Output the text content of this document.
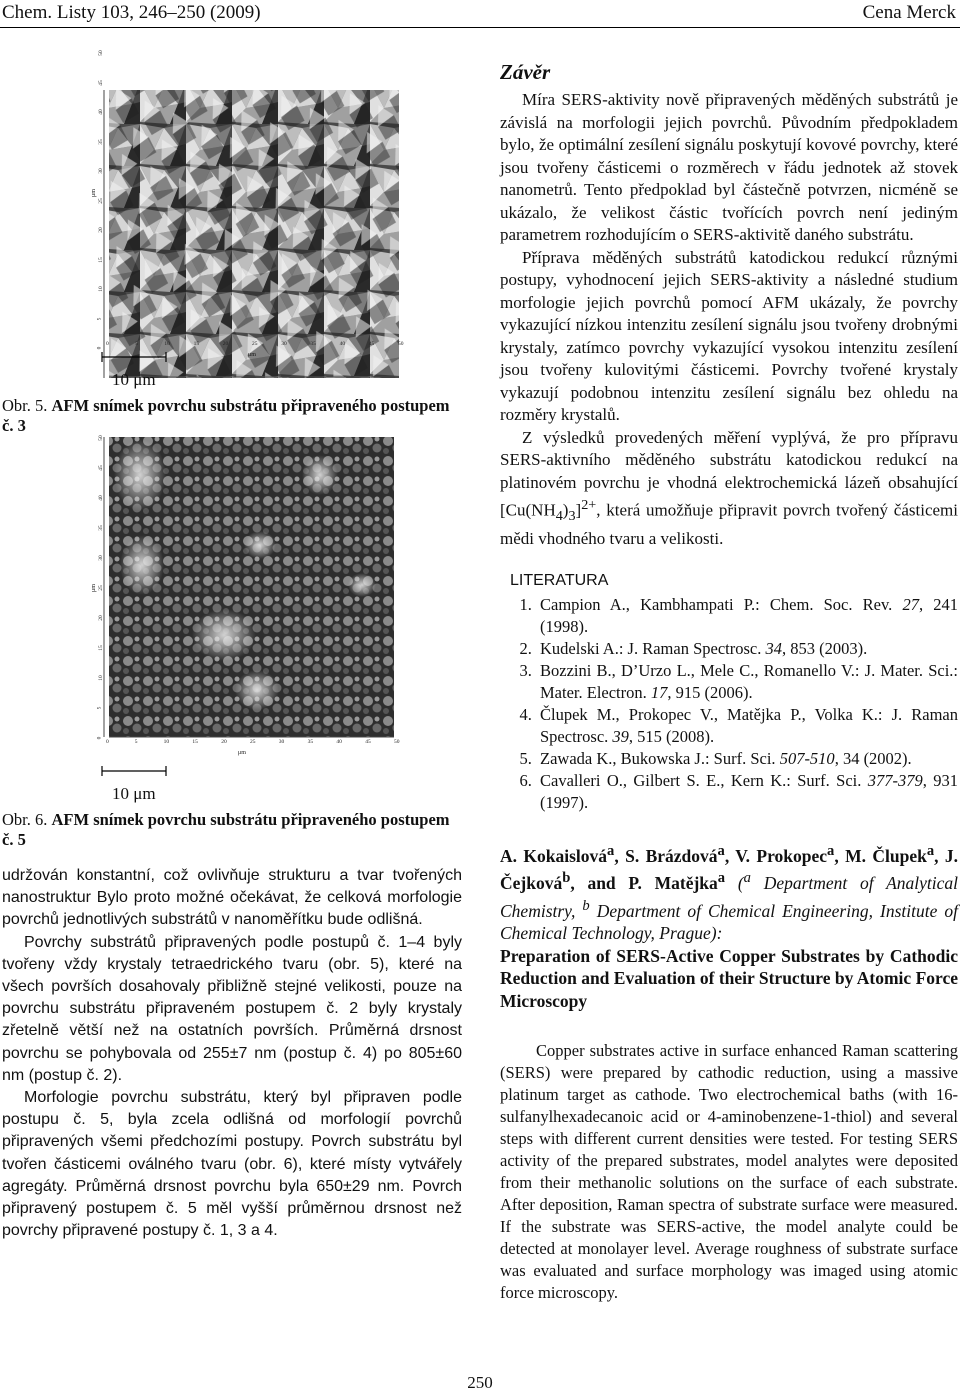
Chem. Listy 103, 246–250 (2009)	Cena Merck
0
5
10
15
20
25
30
35
40
45
50
0	5	10	15	20	25	30	35	40	45	50
μm
μm
10 μm
Obr. 5. AFM snímek povrchu substrátu připraveného postupem č. 3
0
5
10
15
20
25
30
35
40
45
50
0	5	10	15	20	25	30	35	40	45	50
μm
μm
10 μm
Obr. 6. AFM snímek povrchu substrátu připraveného postupem č. 5

udržován konstantní, což ovlivňuje strukturu a tvar tvořených nanostruktur Bylo proto možné očekávat, že celková morfologie povrchů jednotlivých substrátů v nanoměřítku bude odlišná.

Povrchy substrátů připravených podle postupů č. 1–4 byly tvořeny vždy krystaly tetraedrického tvaru (obr. 5), které na všech površích dosahovaly přibližně stejné velikosti, pouze na povrchu substrátu připraveném postupem č. 2 byly krystaly zřetelně větší než na ostatních površích. Průměrná drsnost povrchu se pohybovala od 255±7 nm (postup č. 4) po 805±60 nm (postup č. 2).

Morfologie povrchu substrátu, který byl připraven podle postupu č. 5, byla zcela odlišná od morfologií povrchů připravených všemi předchozími postupy. Povrch substrátu byl tvořen částicemi oválného tvaru (obr. 6), které místy vytvářely agregáty. Průměrná drsnost povrchu byla 650±29 nm. Povrch připravený postupem č. 5 měl vyšší průměrnou drsnost než povrchy připravené postupy č. 1, 3 a 4.

Závěr

Míra SERS-aktivity nově připravených měděných substrátů je závislá na morfologii jejich povrchů. Původním předpokladem bylo, že optimální zesílení signálu poskytují kovové povrchy, které jsou tvořeny částicemi o rozměrech v řádu jednotek až stovek nanometrů. Tento předpoklad byl částečně potvrzen, nicméně se ukázalo, že velikost částic tvořících povrch není jediným parametrem rozhodujícím o SERS-aktivitě daného substrátu.

Příprava měděných substrátů katodickou redukcí různými postupy, vyhodnocení jejich SERS-aktivity a následné studium morfologie jejich povrchů pomocí AFM ukázaly, že povrchy vykazující nízkou intenzitu zesílení signálu jsou tvořeny drobnými krystaly, zatímco povrchy vykazující vysokou intenzitu zesílení jsou tvořeny kulovitými částicemi. Povrchy tvořené krystaly vykazují podobnou intenzitu zesílení signálu bez ohledu na rozměry krystalů.

Z výsledků provedených měření vyplývá, že pro přípravu SERS-aktivního měděného substrátu katodickou redukcí na platinovém povrchu je vhodná elektrochemická lázeň obsahující $[Cu(NH_4)_3]^{2+}$, která umožňuje připravit povrch tvořený částicemi mědi vhodného tvaru a velikosti.

LITERATURA
1. Campion A., Kambhampati P.: Chem. Soc. Rev. 27, 241 (1998).
2. Kudelski A.: J. Raman Spectrosc. 34, 853 (2003).
3. Bozzini B., D’Urzo L., Mele C., Romanello V.: J. Mater. Sci.: Mater. Electron. 17, 915 (2006).
4. Člupek M., Prokopec V., Matějka P., Volka K.: J. Raman Spectrosc. 39, 515 (2008).
5. Zawada K., Bukowska J.: Surf. Sci. 507-510, 34 (2002).
6. Cavalleri O., Gilbert S. E., Kern K.: Surf. Sci. 377-379, 931 (1997).
A. Kokaislová$^a$, S. Brázdová$^a$, V. Prokopec$^a$, M. Člupek$^a$, J. Čejková$^b$, and P. Matějka$^a$ ($^a$ Department of Analytical Chemistry, $^b$ Department of Chemical Engineering, Institute of Chemical Technology, Prague):
Preparation of SERS-Active Copper Substrates by Cathodic Reduction and Evaluation of their Structure by Atomic Force Microscopy
Copper substrates active in surface enhanced Raman scattering (SERS) were prepared by cathodic reduction, using a massive platinum target as cathode. Two electrochemical baths (with 16-sulfanylhexadecanoic acid or 4-aminobenzene-1-thiol) and several steps with different current densities were tested. For testing SERS activity of the prepared substrates, model analytes were deposited from their methanolic solutions on the surface of each substrate. After deposition, Raman spectra of substrate surface were measured. If the substrate was SERS-active, the model analyte could be detected at monolayer level. Average roughness of substrate surface was evaluated and surface morphology was imaged using atomic force microscopy.
250
